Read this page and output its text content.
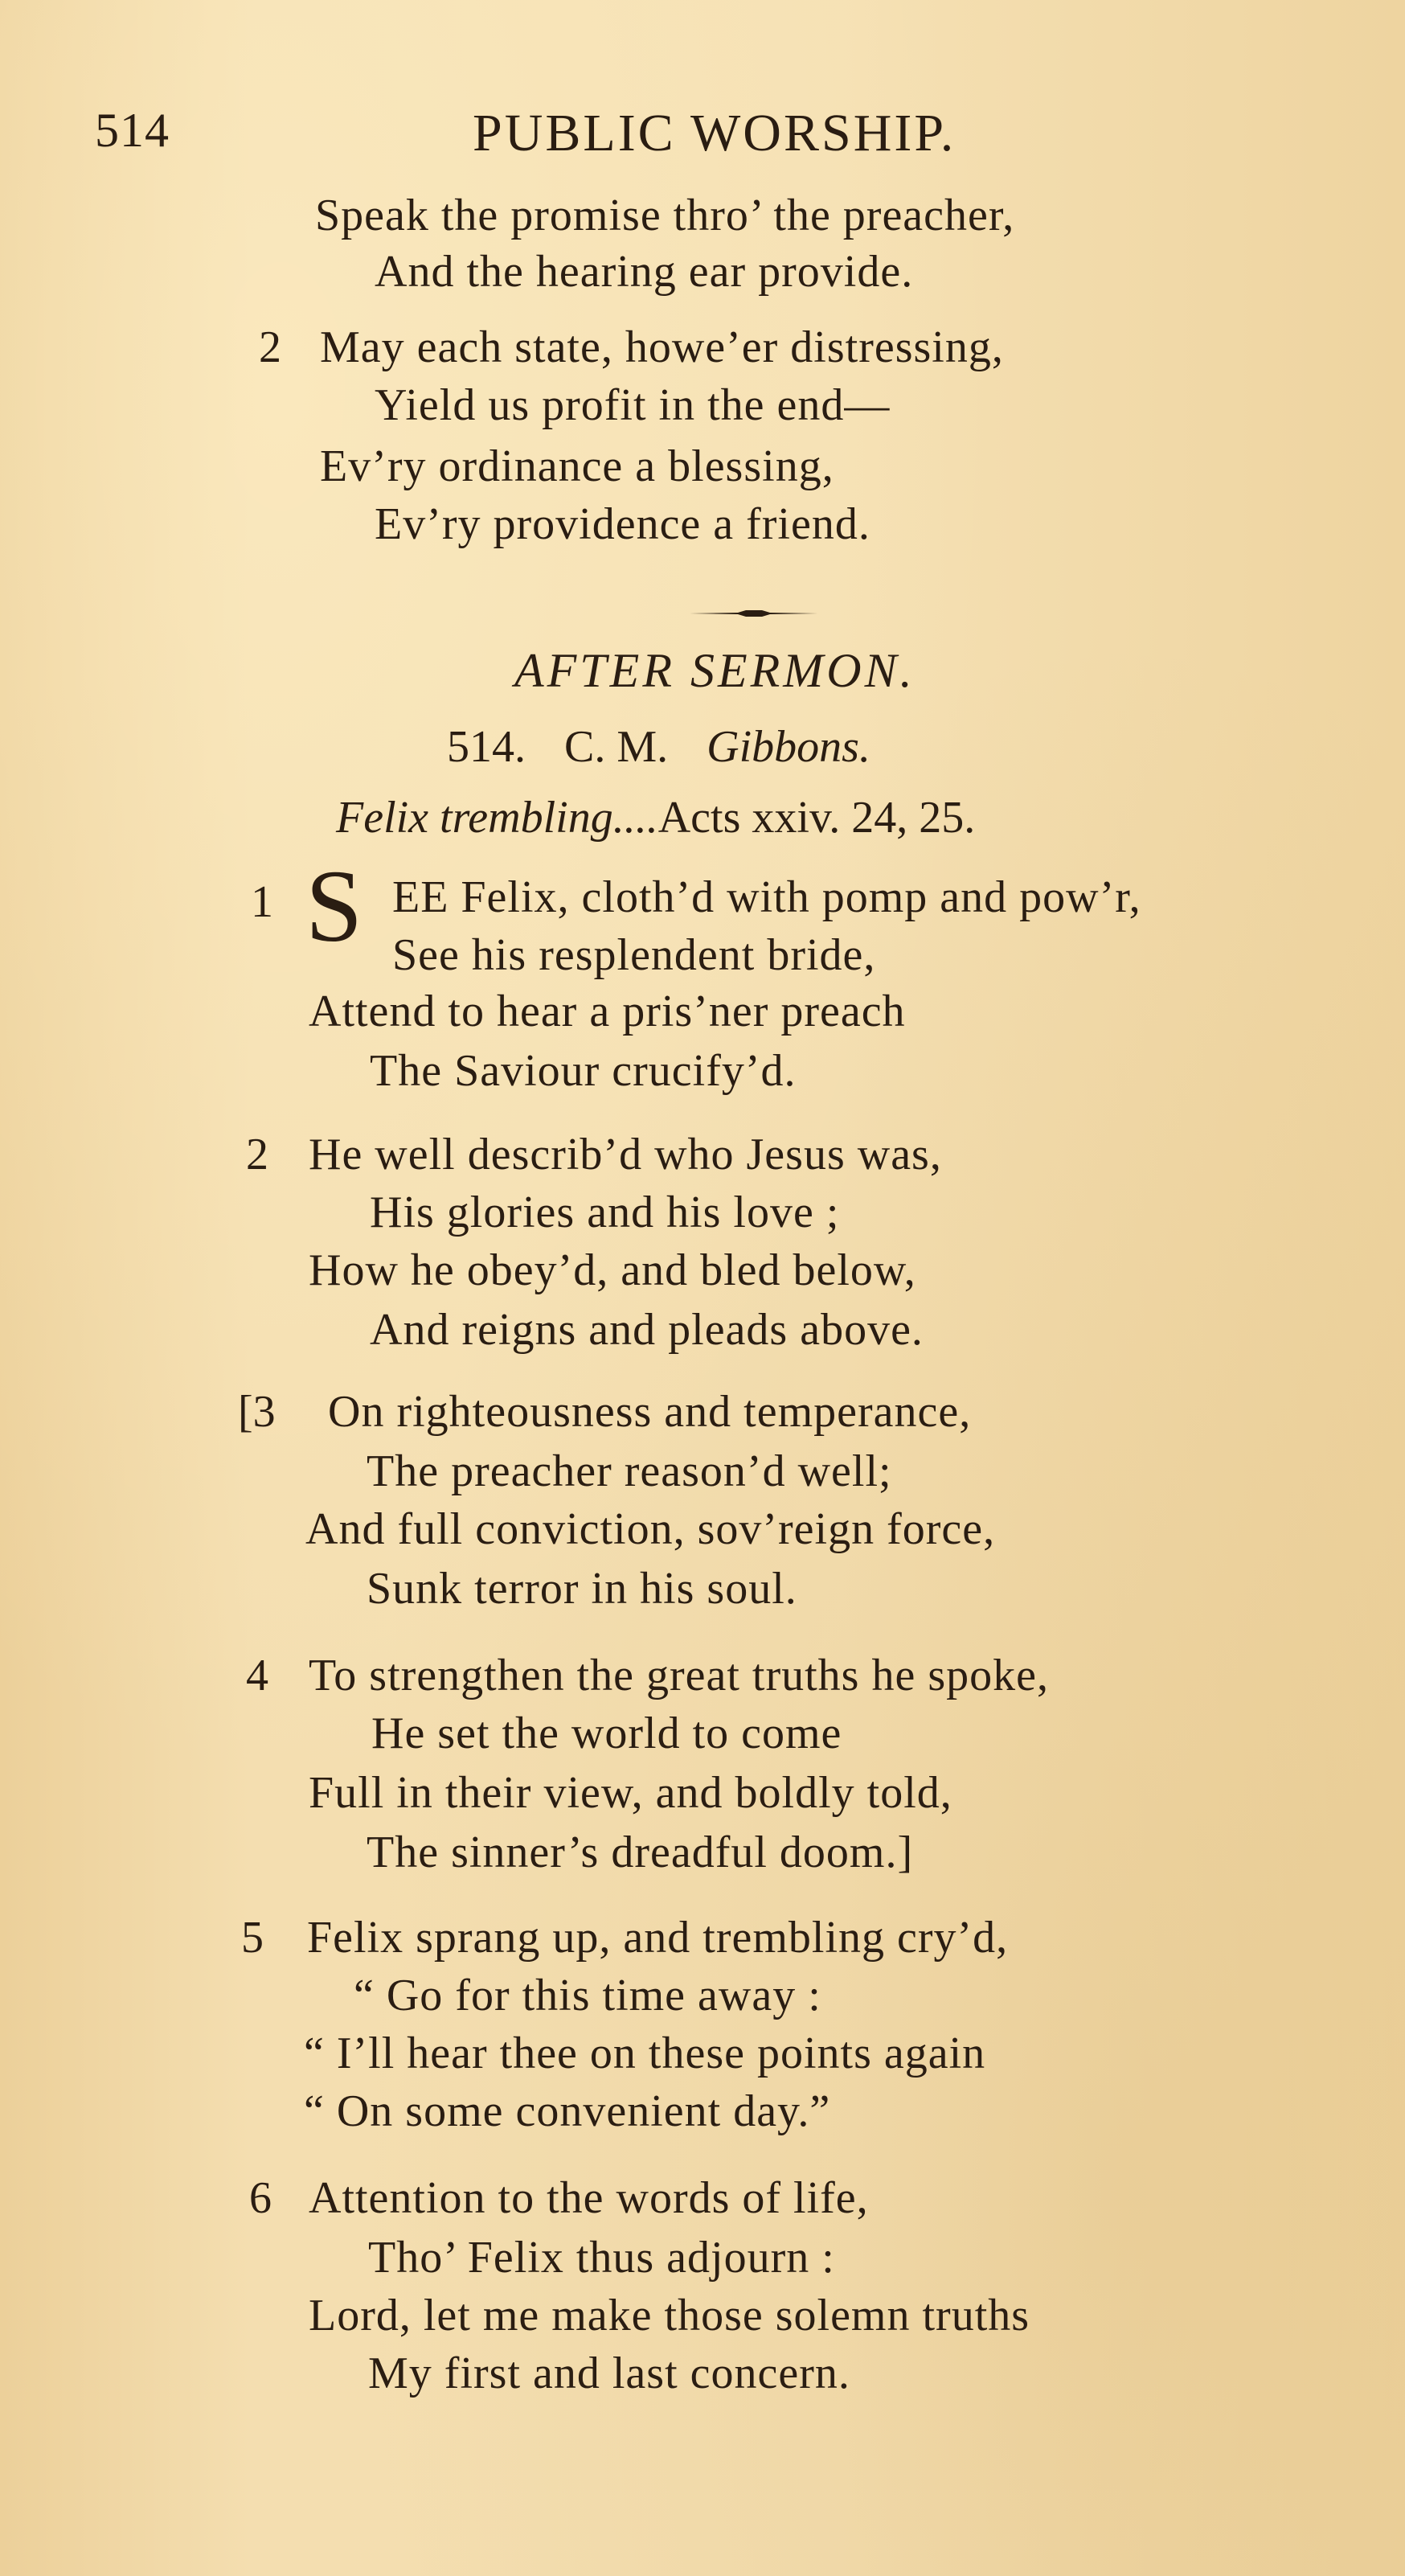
514	PUBLIC WORSHIP.
Speak the promise thro’ the preacher,
And the hearing ear provide.
2 May each state, howe’er distressing,
Yield us profit in the end—
Ev’ry ordinance a blessing,
Ev’ry providence a friend.
AFTER SERMON.
514. C. M. Gibbons.
Felix trembling....Acts xxiv. 24, 25.
1 S EE Felix, cloth’d with pomp and pow’r,
See his resplendent bride,
Attend to hear a pris’ner preach
The Saviour crucify’d.
2 He well describ’d who Jesus was,
His glories and his love ;
How he obey’d, and bled below,
And reigns and pleads above.
[3 On righteousness and temperance,
The preacher reason’d well;
And full conviction, sov’reign force,
Sunk terror in his soul.
4 To strengthen the great truths he spoke,
He set the world to come
Full in their view, and boldly told,
The sinner’s dreadful doom.]
5 Felix sprang up, and trembling cry’d,
“ Go for this time away :
“ I’ll hear thee on these points again
“ On some convenient day.”
6 Attention to the words of life,
Tho’ Felix thus adjourn :
Lord, let me make those solemn truths
My first and last concern.
